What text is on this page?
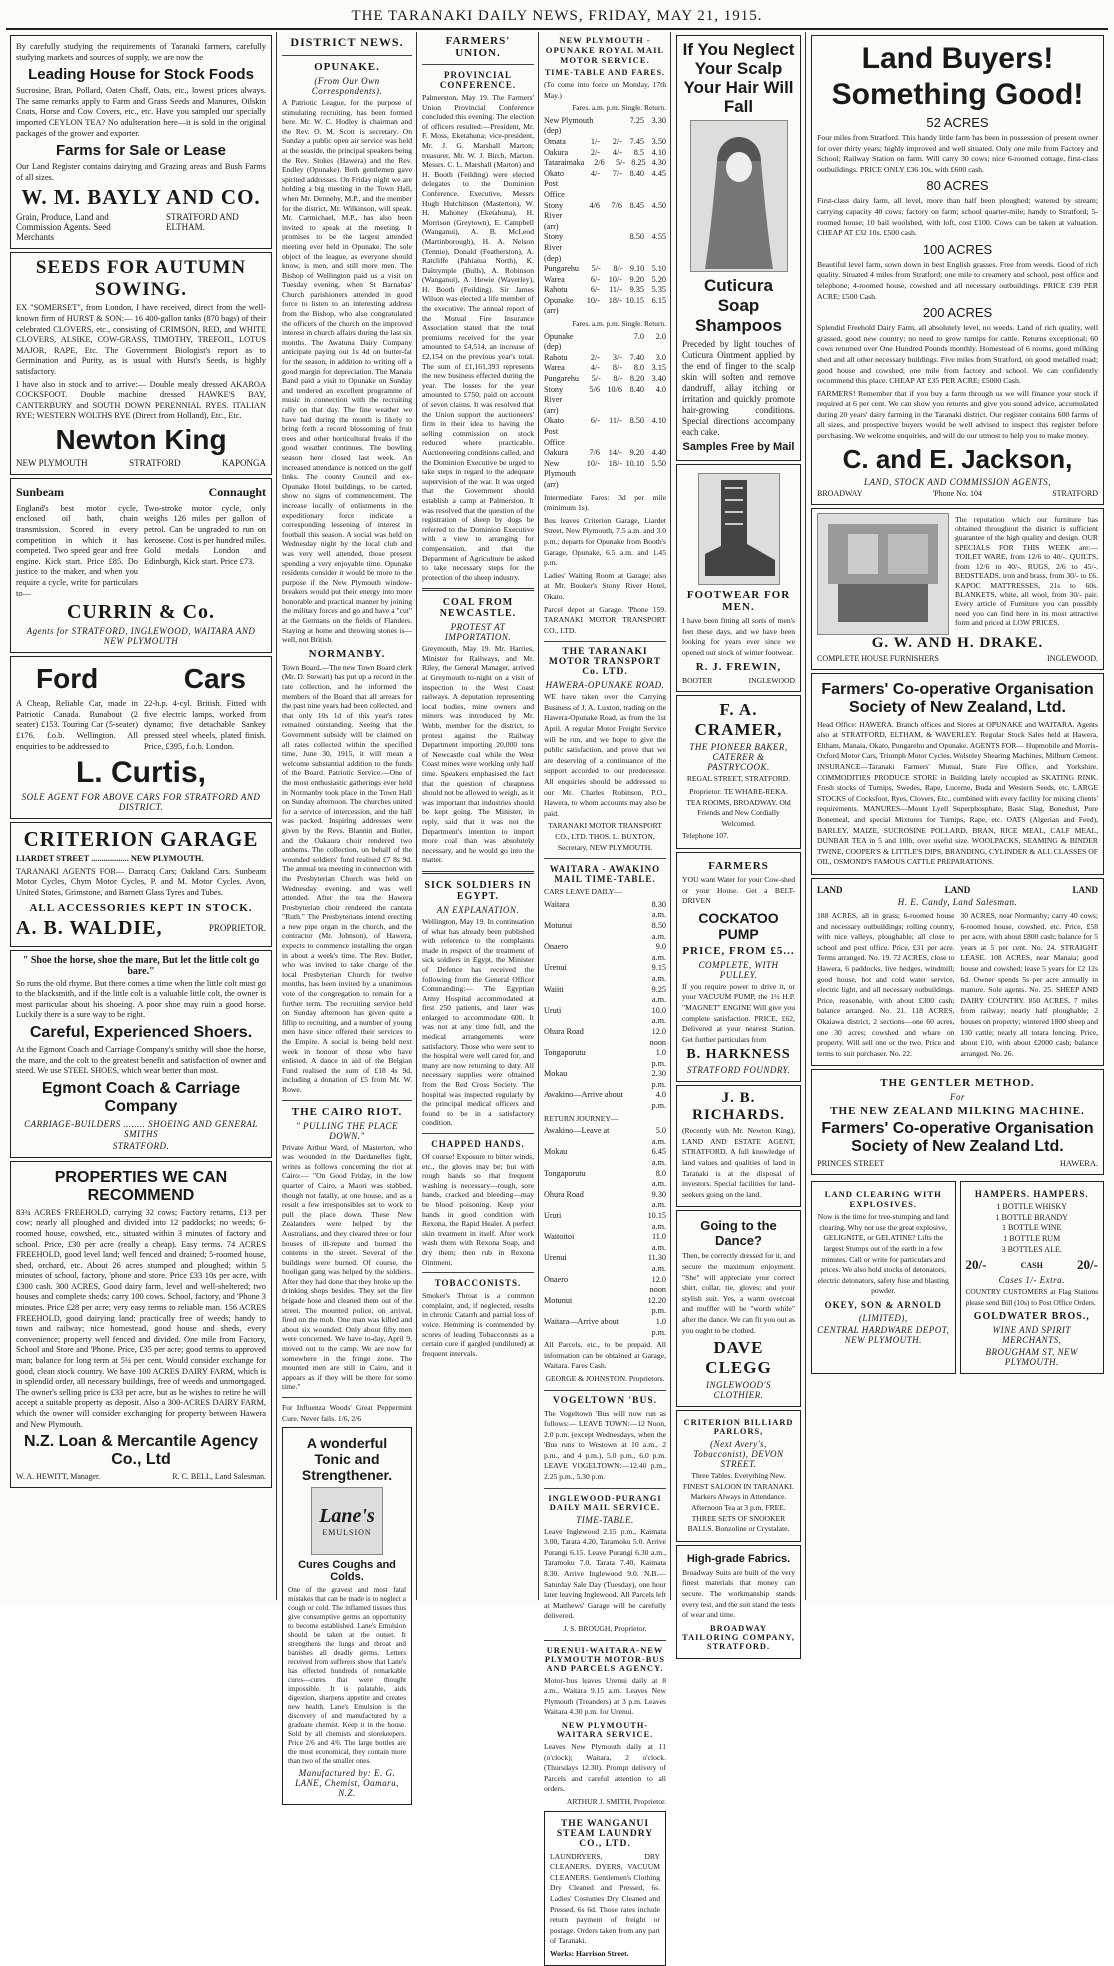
THE TARANAKI DAILY NEWS, FRIDAY, MAY 21, 1915.
By carefully studying the requirements of Taranaki farmers, carefully studying markets and sources of supply, we are now the
Leading House for Stock Foods
Sucrosine, Bran, Pollard, Oaten Chaff, Oats, etc., lowest prices always. The same remarks apply to Farm and Grass Seeds and Manures, Oilskin Coats, Horse and Cow Covers, etc., etc. Have you sampled our specially imported CEYLON TEA? No adulteration here—it is sold in the original packages of the grower and exporter.
Farms for Sale or Lease
Our Land Register contains dairying and Grazing areas and Bush Farms of all sizes.
W. M. BAYLY AND CO.
Grain, Produce, Land and Commission Agents. Seed Merchants
STRATFORD AND ELTHAM.
SEEDS FOR AUTUMN SOWING.
EX "SOMERSET", from London, I have received, direct from the well-known firm of HURST & SON:— 16 400-gallon tanks (870 bags) of their celebrated CLOVERS, etc., consisting of CRIMSON, RED, and WHITE CLOVERS, ALSIKE, COW-GRASS, TIMOTHY, TREFOIL, LOTUS MAJOR, RAPE, Etc. The Government Biologist's report as to Germination and Purity, as is usual with Hurst's Seeds, is highly satisfactory.
I have also in stock and to arrive:— Double mealy dressed AKAROA COCKSFOOT. Double machine dressed HAWKE'S BAY, CANTERBURY and SOUTH DOWN PERENNIAL RYES. ITALIAN RYE; WESTERN WOLTHS RYE (Direct from Holland), Etc., Etc.
Newton King
NEW PLYMOUTH	STRATFORD	KAPONGA
Sunbeam	Connaught
England's best motor cycle, enclosed oil bath, chain transmission. Scored in every competition in which it has competed. Two speed gear and free engine. Kick start. Price £85. Do justice to the maker, and when you require a cycle, write for particulars to—
Two-stroke motor cycle, only weighs 126 miles per gallon of petrol. Can be ungraded to run on kerosene. Cost is per hundred miles. Gold medals London and Edinburgh, Kick start. Price £73.
CURRIN & Co.
Agents for STRATFORD, INGLEWOOD, WAITARA AND NEW PLYMOUTH
Ford	Cars
A Cheap, Reliable Car, made in Patriotic Canada. Runabout (2 seater) £153. Touring Car (5-seater) £176. f.o.b. Wellington. All enquiries to be addressed to
22-h.p. 4-cyl. British. Fitted with five electric lamps, worked from dynamo; five detachable Sankey pressed steel wheels, plated finish. Price, £395, f.o.b. London.
L. Curtis,
SOLE AGENT FOR ABOVE CARS FOR STRATFORD AND DISTRICT.
CRITERION GARAGE
LIARDET STREET .................. NEW PLYMOUTH.
TARANAKI AGENTS FOR— Darracq Cars; Oakland Cars. Sunbeam Motor Cycles, Chym Motor Cycles, P. and M. Motor Cycles. Avon, United States, Grimstone, and Barnett Glass Tyres and Tubes.
ALL ACCESSORIES KEPT IN STOCK.
A. B. WALDIE,	PROPRIETOR.
" Shoe the horse, shoe the mare, But let the little colt go bare."
So runs the old rhyme. But there comes a time when the little colt must go to the blacksmith, and if the little colt is a valuable little colt, the owner is most particular about his shoeing. A poor shoe may ruin a good horse. Luckily there is a sure way to be right.
Careful, Experienced Shoers.
At the Egmont Coach and Carriage Company's smithy will shoe the horse, the mare, and the colt to the greatest benefit and satisfaction of owner and steed. We use STEEL SHOES, which wear better than most.
Egmont Coach & Carriage Company
CARRIAGE-BUILDERS ........ SHOEING AND GENERAL SMITHS
STRATFORD.
PROPERTIES WE CAN RECOMMEND
83¾ ACRES FREEHOLD, carrying 32 cows; Factory returns, £13 per cow; nearly all ploughed and divided into 12 paddocks; no weeds; 6-roomed house, cowshed, etc., situated within 3 minutes of factory and school. Price, £30 per acre (really a cheap). Easy terms. 74 ACRES FREEHOLD, good level land; well fenced and drained; 5-roomed house, shed, orchard, etc. About 26 acres stumped and ploughed; within 5 minutes of school, factory, 'phone and store. Price £33 10s per acre, with £300 cash. 300 ACRES, Good dairy farm, level and well-sheltered; two houses and complete sheds; carry 100 cows. School, factory, and 'Phone 3 minutes. Price £28 per acre; very easy terms to reliable man. 156 ACRES FREEHOLD, good dairying land; practically free of weeds; handy to town and railway; nice homestead, good house and sheds, every convenience; property well fenced and divided. One mile from Factory, School and Store and 'Phone. Price, £35 per acre; good terms to approved man; balance for long term at 5¼ per cent. Would consider exchange for good, clean stock country. We have 100 ACRES DAIRY FARM, which is in splendid order, all necessary buildings, free of weeds and unmortgaged. The owner's selling price is £33 per acre, but as he wishes to retire he will accept a suitable property as deposit. Also a 300-ACRES DAIRY FARM, which the owner will consider exchanging for property between Hawera and New Plymouth.
N.Z. Loan & Mercantile Agency Co., Ltd
W. A. HEWITT, Manager.	R. C. BELL, Land Salesman.
DISTRICT NEWS.
OPUNAKE.
(From Our Own Correspondents).
A Patriotic League, for the purpose of stimulating recruiting, has been formed here. Mr. W. C. Hodley is chairman and the Rev. O. M. Scott is secretary. On Sunday a public open air service was held at the seaside, the principal speakers being the Rev. Stokes (Hawera) and the Rev. Endley (Opunake). Both gentlemen gave spirited addresses. On Friday night we are holding a big meeting in the Town Hall, when Mr. Dennehy, M.P., and the member for the district, Mr. Wilkinson, will speak. Mr. Carmichael, M.P., has also been invited to speak at the meeting. It promises to be the largest attended meeting ever held in Opunake. The sole object of the league, as everyone should know, is men, and still more men. The Bishop of Wellington paid us a visit on Tuesday evening, when St Barnabas' Church parishioners attended in good force to listen to an interesting address from the Bishop, who also congratulated the officers of the church on the improved interest in church affairs during the last six months. The Awatuna Dairy Company anticipate paying out 1s 4d on butter-fat for the season, in addition to writing off a good margin for depreciation. The Manaia Band paid a visit to Opunake on Sunday and tendered an excellent programme of music in connection with the recruiting rally on that day. The fine weather we have had during the month is likely to bring forth a record blossoming of fruit trees and other horticultural freaks if the good weather continues. The bowling season here closed last week. An increased attendance is noticed on the golf links. The county Council and ex-Opunake Hotel buildings, to be carted, show no signs of commencement. The increase locally of enlistments in the expeditionary force indicate a corresponding lessening of interest in football this season. A social was held on Wednesday night by the local club and was very well attended, those present spending a very enjoyable time. Opunake residents consider it would be more to the purpose if the New Plymouth window-breakers would put their energy into more honorable and practical manner by joining the military forces and go and have a "cut" at the Germans on the fields of Flanders. Staying at home and throwing stones is—well, not British.
NORMANBY.
Town Board.—The new Town Board clerk (Mr. D. Stewart) has put up a record in the rate collection, and he informed the members of the Board that all arrears for the past nine years had been collected, and that only 10s 1d of this year's rates remained outstanding. Seeing that the Government subsidy will be claimed on all rates collected within the specified time, June 30, 1915, it will mean a welcome substantial addition to the funds of the Board. Patriotic Service.—One of the most enthusiastic gatherings ever held in Normanby took place in the Town Hall on Sunday afternoon. The churches united for a service of intercession, and the hall was packed. Inspiring addresses were given by the Revs. Blannin and Butler, and the Oakaura choir rendered two anthems. The collection, on behalf of the wounded soldiers' fund realised £7 8s 9d. The annual tea meeting in connection with the Presbyterian Church was held on Wednesday evening, and was well attended. After the tea the Hawera Presbyterian choir rendered the cantata "Ruth." The Presbyterians intend erecting a new pipe organ in the church, and the contractor (Mr. Johnson), of Hawera, expects to commence installing the organ in about a week's time. The Rev. Butler, who was invited to take charge of the local Presbyterian Church for twelve months, has been invited by a unanimous vote of the congregation to remain for a further term. The recruiting service held on Sunday afternoon has given quite a fillip to recruiting, and a number of young men have since offered their services to the Empire. A social is being held next week in honour of those who have enlisted. A dance in aid of the Belgian Fund realised the sum of £18 4s 9d, including a donation of £5 from Mr. W. Rowe.
THE CAIRO RIOT.
" PULLING THE PLACE DOWN."
Private Arthur Ward, of Masterton, who was wounded in the Dardanelles fight, writes as follows concerning the riot at Cairo:— "On Good Friday, in the low quarter of Cairo, a Maori was stabbed, though not fatally, at one house, and as a result a few irresponsibles set to work to pull the place down. These New Zealanders were helped by the Australians, and they cleared three or four houses of ill-repute and burned the contents in the street. Several of the buildings were burned. Of course, the hooligan gang was helped by the soldiers. After they had done that they broke up the drinking shops besides. They set the fire brigade hose and cleaned them out of the street. The mounted police, on arrival, fired on the mob. One man was killed and about six wounded. Only about fifty men were concerned. We have to-day, April 9, moved out to the camp. We are now for somewhere in the fringe zone. The mounted men are still in Cairo, and it appears as if they will be there for some time."
For Influenza Woods' Great Peppermint Cure. Never fails. 1/6, 2/6
A wonderful Tonic and Strengthener.
Lane's
EMULSION
Cures Coughs and Colds.
One of the gravest and most fatal mistakes that can be made is to neglect a cough or cold. The inflamed tissues thus give consumptive germs an opportunity to become established. Lane's Emulsion should be taken at the outset. It strengthens the lungs and throat and banishes all deadly germs. Letters received from sufferers show that Lane's has effected hundreds of remarkable cures—cures that were thought impossible. It is palatable, aids digestion, sharpens appetite and creates new health. Lane's Emulsion is the discovery of and manufactured by a graduate chemist. Keep it in the house. Sold by all chemists and storekeepers. Price 2/6 and 4/6. The large bottles are the most economical, they contain more than two of the smaller ones.
Manufactured by: E. G. LANE, Chemist, Oamaru, N.Z.
FARMERS' UNION.
PROVINCIAL CONFERENCE.
Palmerston, May 19. The Farmers' Union Provincial Conference concluded this evening. The election of officers resulted:—President, Mr. F. Moss, Eketahuna; vice-president, Mr. J. G. Marshall Marton; treasurer, Mr. W. J. Birch, Marton. Messrs. C. L. Marshall (Marton) and H. Booth (Feilding) were elected delegates to the Dominion Conference. Executive, Messrs Hugh Hutchinson (Masterton), W. H. Mahoney (Eketahuna), H. Morrison (Greytown), E. Campbell (Wanganui), A. B. McLeod (Martinborough), H. A. Nelson (Tennie), Donald (Featherston), A. Ratcliffe (Pahiatua North), K. Daltrymple (Bulls), A. Robinson (Wanganui), A. Hewie (Waverley), H. Booth (Feilding). Sir James Wilson was elected a life member of the executive. The annual report of the Mutual Fire Insurance Association stated that the total premiums received for the year amounted to £4,514, an increase of £2,154 on the previous year's total. The sum of £1,161,393 represents the new business effected during the year. The losses for the year amounted to £750, paid on account of seven claims. It was resolved that the Union support the auctioneers' firm in their idea to having the selling commission on stock reduced where practicable. Auctioneering conditions called, and the Dominion Executive be urged to take steps in regard to the adequate supervision of the war. It was urged that the Government should establish a camp at Palmerston. It was resolved that the question of the registration of sheep by dogs be referred to the Dominion Executive with a view to arranging for compensation, and that the Department of Agriculture be asked to take necessary steps for the protection of the sheep industry.
COAL FROM NEWCASTLE.
PROTEST AT IMPORTATION.
Greymouth, May 19. Mr. Harries, Minister for Railways, and Mr. Riley, the General Manager, arrived at Greymouth to-night on a visit of inspection to the West Coast railways. A deputation representing local bodies, mine owners and miners was introduced by Mr. Webb, member for the district, to protest against the Railway Department importing 20,000 tons of Newcastle coal while the West Coast mines were working only half time. Speakers emphasised the fact that the question of cheapness should not be allowed to weigh, as it was important that industries should be kept going. The Minister, in reply, said that it was not the Department's intention to import more coal than was absolutely necessary, and he would go into the matter.
SICK SOLDIERS IN EGYPT.
AN EXPLANATION.
Wellington, May 19. In continuation of what has already been published with reference to the complaints made in respect of the treatment of sick soldiers in Egypt, the Minister of Defence has received the following from the General Officer Commanding:— The Egyptian Army Hospital accommodated at first 250 patients, and later was enlarged to accommodate 600. It was not at any time full, and the medical arrangements were satisfactory. Those who were sent to the hospital were well cared for, and many are now returning to duty. All necessary supplies were obtained from the Red Cross Society. The hospital was inspected regularly by the principal medical officers and found to be in a satisfactory condition.
CHAPPED HANDS.
Of course! Exposure to bitter winds, etc., the gloves may be; but with rough hands so that frequent washing is necessary—rough, sore hands, cracked and bleeding—may be blood poisoning. Keep your hands in good condition with Rexona, the Rapid Healer. A perfect skin treatment in itself. After work wash them with Rexona Soap, and dry them; then rub in Rexona Ointment.
TOBACCONISTS.
Smoker's Throat is a common complaint, and, if neglected, results in chronic Catarrh and partial loss of voice. Hemming is commended by scores of leading Tobacconists as a certain cure if gargled (undiluted) at frequent intervals.
NEW PLYMOUTH - OPUNAKE ROYAL MAIL MOTOR SERVICE.
TIME-TABLE AND FARES.
(To come into force on Monday, 17th May.)
Fares. a.m. p.m. Single. Return.
New Plymouth (dep)
7.25 3.30
Omata	1/-	2/- 7.45 3.50
Oakura	2/-	4/-	8.5 4.10
Tataraimaka	2/6	5/- 8.25 4.30
Okato Post Office
4/-	7/- 8.40 4.45
Stony River (arr)
4/6	7/6 8.45 4.50
Stony River (dep)
8.50 4.55
Pungarehu	5/-	8/- 9.10 5.10
Warea	6/-	10/- 9.20 5.20
Rahotu	6/-	11/- 9.35 5.35
Opunake (arr)
10/-	18/- 10.15 6.15
Fares. a.m. p.m. Single. Return.
Opunake (dep)
7.0	2.0
Rahotu	2/-	3/- 7.40	3.0
Warea	4/-	8/-	8.0 3.15
Pungarehu	5/-	8/- 8.20 3.40
Stony River (arr)
5/6 10/6 8.40	4.0
Okato Post Office
6/-	11/- 8.50 4.10
Oakura	7/6	14/- 9.20 4.40
New Plymouth (arr)
10/-	18/- 10.10 5.50
Intermediate Fares: 3d per mile (minimum 1s).
Bus leaves Criterion Garage, Liardet Street, New Plymouth, 7.5 a.m. and 3.0 p.m.; departs for Opunake from Booth's Garage, Opunake, 6.5 a.m. and 1.45 p.m.
Ladies' Waiting Room at Garage; also at Mr. Booker's Stony River Hotel, Okato.
Parcel depot at Garage. 'Phone 159. TARANAKI MOTOR TRANSPORT CO., LTD.
THE TARANAKI MOTOR TRANSPORT Co. LTD.
HAWERA-OPUNAKE ROAD.
WE have taken over the Carrying Business of J. A. Luxton, trading on the Hawera-Opunake Road, as from the 1st April. A regular Motor Freight Service will be run, and we hope to give the public satisfaction, and prove that we are deserving of a continuance of the support accorded to our predecessor. All enquiries should be addressed to our Mr. Charles Robinson, P.O., Hawera, to whom accounts may also be paid.
TARANAKI MOTOR TRANSPORT CO., LTD. THOS. L. BUXTON, Secretary, NEW PLYMOUTH.
WAITARA - AWAKINO MAIL TIME-TABLE.
CARS LEAVE DAILY—
Waitara	8.30 a.m.
Motunui	8.50 a.m.
Onaero	9.0 a.m.
Urenui	9.15 a.m.
Waiiti	9.25 a.m.
Uruti	10.0 a.m.
Ohura Road	12.0 noon
Tongaporutu	1.0 p.m.
Mokau	2.30 p.m.
Awakino—Arrive about	4.0 p.m.
RETURN JOURNEY—
Awakino—Leave at	5.0 a.m.
Mokau	6.45 a.m.
Tongaporutu	8.0 a.m.
Ohura Road	9.30 a.m.
Uruti	10.15 a.m.
Waitoitoi	11.0 a.m.
Urenui	11.30 a.m.
Onaero	12.0 noon
Motunui	12.20 p.m.
Waitara—Arrive about	1.0 p.m.
All Parcels, etc., to be prepaid. All information can be obtained at Garage, Waitara. Fares Cash.
GEORGE & JOHNSTON. Proprietors.
VOGELTOWN 'BUS.
The Vogeltown 'Bus will now run as follows:— LEAVE TOWN:—12 Noon, 2.0 p.m. (except Wednesdays, when the 'Bus runs to Westown at 10 a.m., 2 p.m., and 4 p.m.), 5.0 p.m., 6.0 p.m. LEAVE VOGELTOWN:—12.40 p.m., 2.25 p.m., 5.30 p.m.
INGLEWOOD-PURANGI DAILY MAIL SERVICE.
TIME-TABLE.
Leave Inglewood 2.15 p.m., Kaimata 3.00, Tarata 4.20, Taramoku 5.0. Arrive Purangi 6.15. Leave Purangi 6.30 a.m., Taramoku 7.0, Tarata 7.40, Kaimata 8.30. Arrive Inglewood 9.0. N.B.—Saturday Sale Day (Tuesday), one hour later leaving Inglewood. All Parcels left at Matthews' Garage will be carefully delivered.
J. S. BROUGH, Proprietor.
URENUI-WAITARA-NEW PLYMOUTH MOTOR-BUS AND PARCELS AGENCY.
Motor-'bus leaves Urenui daily at 8 a.m., Waitara 9.15 a.m. Leaves New Plymouth (Treanders) at 3 p.m. Leaves Waitara 4.30 p.m. for Urenui.
NEW PLYMOUTH-WAITARA SERVICE.
Leaves New Plymouth daily at 11 (o'clock); Waitara, 2 o'clock. (Thursdays 12.30). Prompt delivery of Parcels and careful attention to all orders.
ARTHUR J. SMITH, Proprietor.
THE WANGANUI STEAM LAUNDRY CO., LTD.
LAUNDRYERS, DRY CLEANERS, DYERS, VACUUM CLEANERS. Gentlemen's Clothing Dry Cleaned and Pressed, 6s. Ladies' Costumes Dry Cleaned and Pressed, 6s 6d. Those rates include return payment of freight or postage. Orders taken from any part of Taranaki.
Works: Harrison Street.
If You Neglect Your Scalp Your Hair Will Fall
Cuticura Soap Shampoos
Preceded by light touches of Cuticura Ointment applied by the end of finger to the scalp skin will soften and remove dandruff, allay itching or irritation and quickly promote hair-growing conditions. Special directions accompany each cake.
Samples Free by Mail
FOOTWEAR FOR MEN.
I have been fitting all sorts of men's feet these days, and we have been looking for years ever since we opened our stock of winter footwear.
R. J. FREWIN,
BOOTER	INGLEWOOD
F. A. CRAMER,
THE PIONEER BAKER, CATERER & PASTRYCOOK.
REGAL STREET, STRATFORD.
Proprietor: TE WHARE-REKA. TEA ROOMS, BROADWAY. Old Friends and New Cordially Welcomed.
Telephone 107.
FARMERS
YOU want Water for your Cow-shed or your House. Get a BELT-DRIVEN
COCKATOO PUMP
PRICE, FROM £5...
COMPLETE, WITH PULLEY.
If you require power to drive it, or your VACUUM PUMP, the 1½ H.P. "MAGNET" ENGINE Will give you complete satisfaction. PRICE, £62, Delivered at your nearest Station. Get further particulars from
B. HARKNESS
STRATFORD FOUNDRY.
J. B. RICHARDS.
(Recently with Mr. Newton King), LAND AND ESTATE AGENT, STRATFORD. A full knowledge of land values and qualities of land in Taranaki is at the disposal of investors. Special facilities for land-seekers going on the land.
Going to the Dance?
Then, be correctly dressed for it, and secure the maximum enjoyment. "She" will appreciate your correct shirt, collar, tie, gloves; and your stylish suit. Yes, a warm overcoat and muffler will be "worth while" after the dance. We can fit you out as you ought to be clothed.
DAVE CLEGG
INGLEWOOD'S CLOTHIER.
CRITERION BILLIARD PARLORS,
(Next Avery's, Tobacconist), DEVON STREET.
Three Tables. Everything New. FINEST SALOON IN TARANAKI. Markers Always in Attendance. Afternoon Tea at 3 p.m. FREE. THREE SETS OF SNOOKER BALLS. Bonzoline or Crystalate.
High-grade Fabrics.
Broadway Suits are built of the very finest materials that money can secure. The workmanship stands every test, and the suit stand the tests of wear and time.
BROADWAY TAILORING COMPANY, STRATFORD.
Land Buyers!
Something Good!
52 ACRES
Four miles from Stratford. This handy little farm has been in possession of present owner for over thirty years; highly improved and well situated. Only one mile from Factory and School; Railway Station on farm. Will carry 30 cows; nice 6-roomed cottage, first-class outbuildings. PRICE ONLY £36 10s, with £600 cash.
80 ACRES
First-class dairy farm, all level, more than half been ploughed; watered by stream; carrying capacity 40 cows; factory on farm; school quarter-mile; handy to Stratford; 5-roomed house; 10 bail woolshed, with loft, cost £100. Cows can be taken at valuation. CHEAP AT £32 10s. £500 cash.
100 ACRES
Beautiful level farm, sown down in best English grasses. Free from weeds. Good of rich quality. Situated 4 miles from Stratford; one mile to creamery and school, post office and telephone; 4-roomed house, cowshed and all necessary outbuildings. PRICE £39 PER ACRE; £500 Cash.
200 ACRES
Splendid Freehold Dairy Farm, all absolutely level, no weeds. Land of rich quality, well grassed, good new country; no need to grow turnips for cattle. Returns exceptional; 60 cows returned over One Hundred Pounds monthly. Homestead of 6 rooms, good milking shed and all other necessary buildings. Five miles from Stratford, on good metalled road; good house and cowshed; one mile from factory and school. We can confidently recommend this place. CHEAP AT £35 PER ACRE; £5000 Cash.
FARMERS! Remember that if you buy a farm through us we will finance your stock if required at 6 per cent. We can show you returns and give you sound advice, accumulated during 20 years' dairy farming in the Taranaki district. Our register contains 600 farms of all sizes, and prospective buyers would be well advised to inspect this register before purchasing. We welcome enquiries, and will do our utmost to help you to make money.
C. and E. Jackson,
LAND, STOCK AND COMMISSION AGENTS,
BROADWAY	'Phone No. 104	STRATFORD
The reputation which our furniture has obtained throughout the district is sufficient guarantee of the high quality and design. OUR SPECIALS FOR THIS WEEK are:— TOILET WARE, from 12/6 to 40/-. QUILTS, from 12/6 to 40/-. RUGS, 2/6 to 45/-. BEDSTEADS, iron and brass, from 30/- to £6. KAPOC MATTRESSES, 21s to 60s. BLANKETS, white, all wool, from 30/- pair. Every article of Furniture you can possibly need you can find here in its most attractive form and priced at LOW PRICES.
G. W. AND H. DRAKE.
COMPLETE HOUSE FURNISHERS	INGLEWOOD.
Farmers' Co-operative Organisation Society of New Zealand, Ltd.
Head Office: HAWERA. Branch offices and Stores at OPUNAKE and WAITARA. Agents also at STRATFORD, ELTHAM, & WAVERLEY. Regular Stock Sales held at Hawera, Eltham, Manaia, Okato, Pungarehu and Opunake. AGENTS FOR— Hupmobile and Morris-Oxford Motor Cars, Triumph Motor Cycles, Wolseley Shearing Machines, Milburn Cement. INSURANCE—Taranaki Farmers' Mutual, State Fire Office, and Yorkshire. COMMODITIES PRODUCE STORE in Building lately occupied as SKATING RINK. Fresh stocks of Turnips, Swedes, Rape, Lucerne, Buda and Western Seeds, etc. LARGE STOCKS of Cocksfoot, Ryes, Clovers, Etc., combined with every facility for mixing clients' requirements. MANURES—Mount Lyell Superphosphate, Basic Slag, Bonedust, Pure Bonemeal, and special Mixtures for Turnips, Rape, etc. OATS (Algerian and Feed), BARLEY, MAIZE, SUCROSINE POLLARD, BRAN, RICE MEAL, CALF MEAL, DUNBAR TEA in 5 and 10lb, over useful size. WOOLPACKS, SEAMING & BINDER TWINE, COOPER'S & LITTLE'S DIPS, BRANDING, CYLINDER & ALL CLASSES OF OIL, OSMOND'S FAMOUS CATTLE PREPARATIONS.
LAND	LAND	LAND
H. E. Candy, Land Salesman.
188 ACRES, all in grass; 6-roomed house and necessary outbuildings; rolling country, with nice valleys, ploughable; all close to school and post office. Price, £31 per acre. Terms arranged. No. 19. 72 ACRES, close to Hawera, 6 paddocks, live hedges, windmill; good house, hot and cold water service, electric light, and all necessary outbuildings. Price, reasonable, with about £300 cash; balance arranged. No. 21. 118 ACRES, Okaiawa district, 2 sections—one 60 acres, one 30 acres; cowshed and whare on property. Will sell one or the two. Price and terms to suit purchaser. No. 22.
30 ACRES, near Normanby; carry 40 cows; 6-roomed house, cowshed, etc. Price, £58 per acre, with about £800 cash; balance for 5 years at 5 per cent. No. 24. STRAIGHT LEASE. 108 ACRES, near Manaia; good house and cowshed; lease 5 years for £2 12s 6d. Owner spends 5s per acre annually in manure. Sole agents. No. 25. SHEEP AND DAIRY COUNTRY. 850 ACRES, 7 miles from railway; nearly half ploughable; 2 houses on property; wintered 1800 sheep and 130 cattle; nearly all totara fencing. Price, about £10, with about £2000 cash; balance arranged. No. 26.
THE GENTLER METHOD.
For
THE NEW ZEALAND MILKING MACHINE.
Farmers' Co-operative Organisation Society of New Zealand Ltd.
PRINCES STREET	HAWERA.
LAND CLEARING WITH EXPLOSIVES.
Now is the time for tree-stumping and land clearing. Why not use the great explosive, GELIGNITE, or GELATINE? Lifts the largest Stumps out of the earth in a few minutes. Call or write for particulars and prices. We also hold stocks of detonators, electric detonators, safety fuse and blasting powder.
OKEY, SON & ARNOLD
(LIMITED),
CENTRAL HARDWARE DEPOT, NEW PLYMOUTH.
HAMPERS. HAMPERS.
1 BOTTLE WHISKY
1 BOTTLE BRANDY
1 BOTTLE WINE
1 BOTTLE RUM
3 BOTTLES ALE.
20/-	CASH	20/-
Cases 1/- Extra.
COUNTRY CUSTOMERS at Flag Stations please send Bill (10s) to Post Office Orders.
GOLDWATER BROS.,
WINE AND SPIRIT MERCHANTS,
BROUGHAM ST, NEW PLYMOUTH.
